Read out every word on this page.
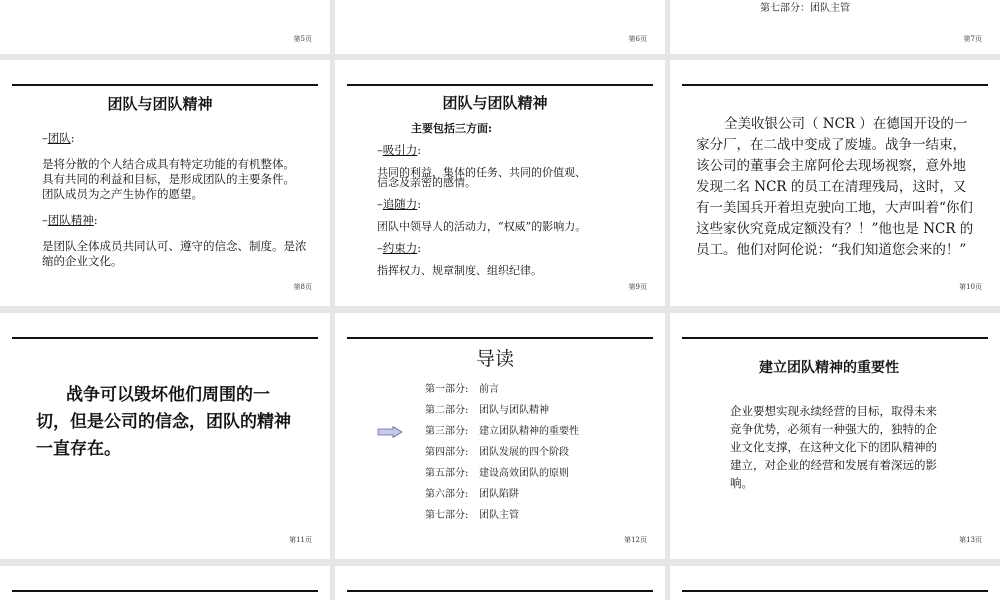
第5页	第6页
第七部分：团队主管
第7页
团队与团队精神
–团队:
是将分散的个人结合成具有特定功能的有机整体。具有共同的利益和目标，是形成团队的主要条件。团队成员为之产生协作的愿望。
–团队精神:
是团队全体成员共同认可、遵守的信念、制度。是浓缩的企业文化。
第8页
团队与团队精神
主要包括三方面:
–吸引力:
共同的利益，集体的任务、共同的价值观、
信念及亲密的感情。
–追随力:
团队中领导人的活动力，“权威”的影响力。
–约束力:
指挥权力、规章制度、组织纪律。
第9页
全美收银公司（ NCR ）在德国开设的一家分厂，在二战中变成了废墟。战争一结束，该公司的董事会主席阿伦去现场视察，意外地发现二名 NCR 的员工在清理残局，这时，又有一美国兵开着坦克驶向工地，大声叫着“你们这些家伙究竟成定额没有？！”他也是 NCR 的员工。他们对阿伦说：“我们知道您会来的！”
第10页
战争可以毁坏他们周围的一切，但是公司的信念，团队的精神一直存在。
第11页
导读
第一部分: 前言
第二部分: 团队与团队精神
第三部分: 建立团队精神的重要性
第四部分: 团队发展的四个阶段
第五部分: 建设高效团队的原则
第六部分: 团队陷阱
第七部分: 团队主管
第12页
建立团队精神的重要性
企业要想实现永续经营的目标，取得未来竞争优势，必须有一种强大的，独特的企业文化支撑，在这种文化下的团队精神的建立，对企业的经营和发展有着深远的影响。
第13页
